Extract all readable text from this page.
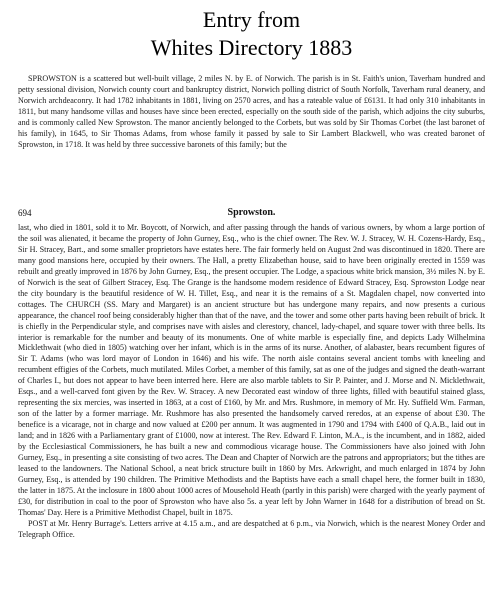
Entry from
Whites Directory 1883
SPROWSTON is a scattered but well-built village, 2 miles N. by E. of Norwich. The parish is in St. Faith's union, Taverham hundred and petty sessional division, Norwich county court and bankruptcy district, Norwich polling district of South Norfolk, Taverham rural deanery, and Norwich archdeaconry. It had 1782 inhabitants in 1881, living on 2570 acres, and has a rateable value of £6131. It had only 310 inhabitants in 1811, but many handsome villas and houses have since been erected, especially on the south side of the parish, which adjoins the city suburbs, and is commonly called New Sprowston. The manor anciently belonged to the Corbets, but was sold by Sir Thomas Corbet (the last baronet of his family), in 1645, to Sir Thomas Adams, from whose family it passed by sale to Sir Lambert Blackwell, who was created baronet of Sprowston, in 1718. It was held by three successive baronets of this family; but the
694	Sprowston.
last, who died in 1801, sold it to Mr. Boycott, of Norwich, and after passing through the hands of various owners, by whom a large portion of the soil was alienated, it became the property of John Gurney, Esq., who is the chief owner. The Rev. W. J. Stracey, W. H. Cozens-Hardy, Esq., Sir H. Stracey, Bart., and some smaller proprietors have estates here. The fair formerly held on August 2nd was discontinued in 1820. There are many good mansions here, occupied by their owners. The Hall, a pretty Elizabethan house, said to have been originally erected in 1559 was rebuilt and greatly improved in 1876 by John Gurney, Esq., the present occupier. The Lodge, a spacious white brick mansion, 3½ miles N. by E. of Norwich is the seat of Gilbert Stracey, Esq. The Grange is the handsome modern residence of Edward Stracey, Esq. Sprowston Lodge near the city boundary is the beautiful residence of W. H. Tillet, Esq., and near it is the remains of a St. Magdalen chapel, now converted into cottages. The CHURCH (SS. Mary and Margaret) is an ancient structure but has undergone many repairs, and now presents a curious appearance, the chancel roof being considerably higher than that of the nave, and the tower and some other parts having been rebuilt of brick. It is chiefly in the Perpendicular style, and comprises nave with aisles and clerestory, chancel, lady-chapel, and square tower with three bells. Its interior is remarkable for the number and beauty of its monuments. One of white marble is especially fine, and depicts Lady Wilhelmina Micklethwait (who died in 1805) watching over her infant, which is in the arms of its nurse. Another, of alabaster, bears recumbent figures of Sir T. Adams (who was lord mayor of London in 1646) and his wife. The north aisle contains several ancient tombs with kneeling and recumbent effigies of the Corbets, much mutilated. Miles Corbet, a member of this family, sat as one of the judges and signed the death-warrant of Charles I., but does not appear to have been interred here. Here are also marble tablets to Sir P. Painter, and J. Morse and N. Micklethwait, Esqs., and a well-carved font given by the Rev. W. Stracey. A new Decorated east window of three lights, filled with beautiful stained glass, representing the six mercies, was inserted in 1863, at a cost of £160, by Mr. and Mrs. Rushmore, in memory of Mr. Hy. Suffield Wm. Farman, son of the latter by a former marriage. Mr. Rushmore has also presented the handsomely carved reredos, at an expense of about £30. The benefice is a vicarage, not in charge and now valued at £200 per annum. It was augmented in 1790 and 1794 with £400 of Q.A.B., laid out in land; and in 1826 with a Parliamentary grant of £1000, now at interest. The Rev. Edward F. Linton, M.A., is the incumbent, and in 1882, aided by the Ecclesiastical Commissioners, he has built a new and commodious vicarage house. The Commissioners have also joined with John Gurney, Esq., in presenting a site consisting of two acres. The Dean and Chapter of Norwich are the patrons and appropriators; but the tithes are leased to the landowners. The National School, a neat brick structure built in 1860 by Mrs. Arkwright, and much enlarged in 1874 by John Gurney, Esq., is attended by 190 children. The Primitive Methodists and the Baptists have each a small chapel here, the former built in 1830, the latter in 1875. At the inclosure in 1800 about 1000 acres of Mousehold Heath (partly in this parish) were charged with the yearly payment of £30, for distribution in coal to the poor of Sprowston who have also 5s. a year left by John Warner in 1648 for a distribution of bread on St. Thomas' Day. Here is a Primitive Methodist Chapel, built in 1875.
POST at Mr. Henry Burrage's. Letters arrive at 4.15 a.m., and are despatched at 6 p.m., via Norwich, which is the nearest Money Order and Telegraph Office.
